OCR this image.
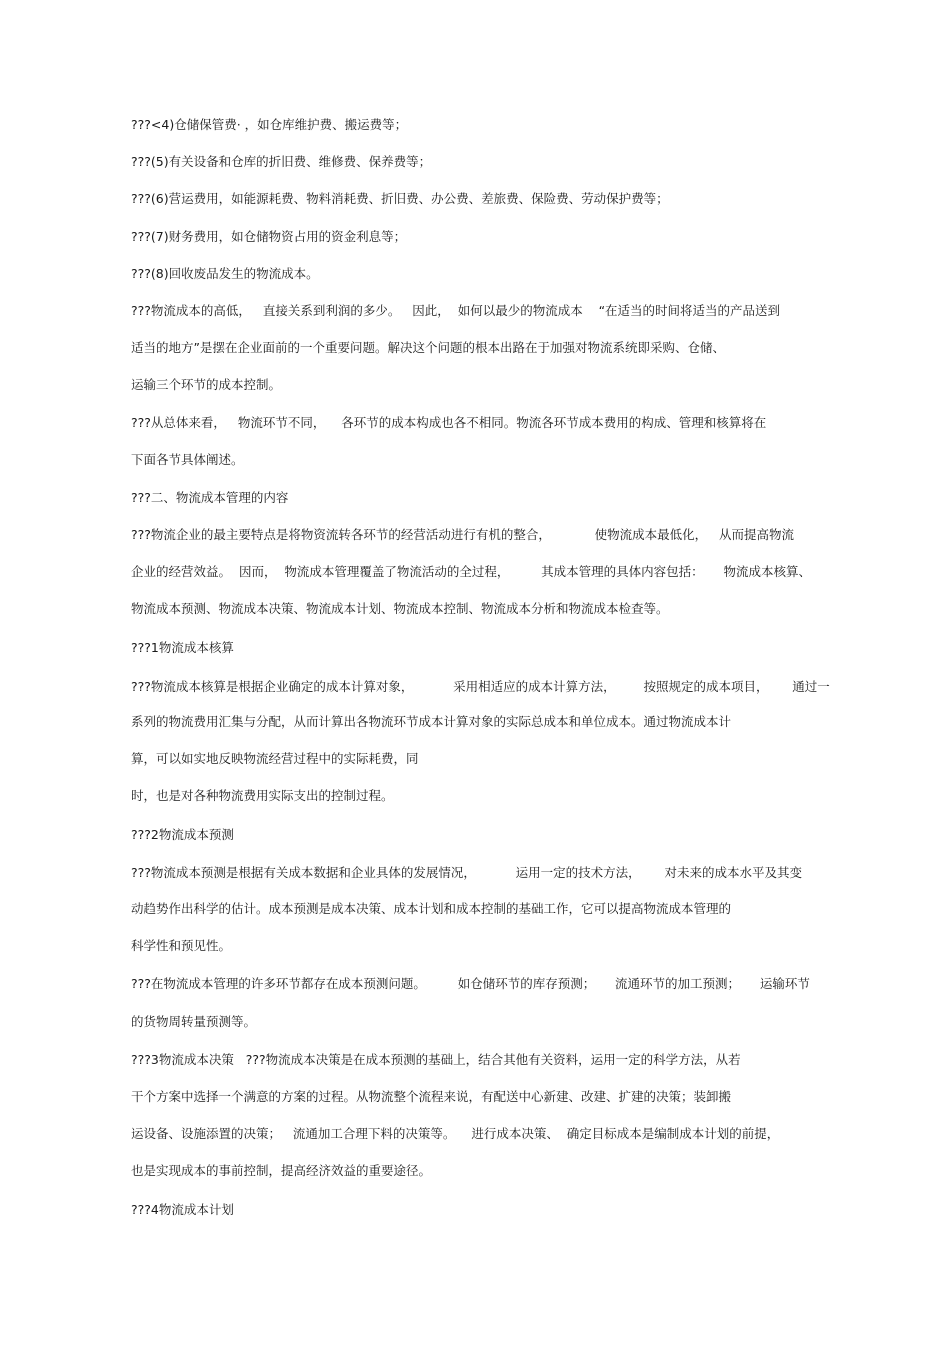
???<4)仓储保管费· ，如仓库维护费、搬运费等；
???(5)有关设备和仓库的折旧费、维修费、保养费等；
???(6)营运费用，如能源耗费、物料消耗费、折旧费、办公费、差旅费、保险费、劳动保护费等；
???(7)财务费用，如仓储物资占用的资金利息等；
???(8)回收废品发生的物流成本。
???物流成本的高低，   直接关系到利润的多少。   因此，  如何以最少的物流成本    “在适当的时间将适当的产品送到
适当的地方”是摆在企业面前的一个重要问题。解决这个问题的根本出路在于加强对物流系统即采购、仓储、
运输三个环节的成本控制。
???从总体来看，   物流环节不同，    各环节的成本构成也各不相同。物流各环节成本费用的构成、管理和核算将在
下面各节具体阐述。
???二、物流成本管理的内容
???物流企业的最主要特点是将物资流转各环节的经营活动进行有机的整合，           使物流成本最低化，   从而提高物流
企业的经营效益。  因而，  物流成本管理覆盖了物流活动的全过程，        其成本管理的具体内容包括：     物流成本核算、
物流成本预测、物流成本决策、物流成本计划、物流成本控制、物流成本分析和物流成本检查等。
???1物流成本核算
???物流成本核算是根据企业确定的成本计算对象，          采用相适应的成本计算方法，       按照规定的成本项目，      通过一
系列的物流费用汇集与分配，从而计算出各物流环节成本计算对象的实际总成本和单位成本。通过物流成本计
算，可以如实地反映物流经营过程中的实际耗费，同
时，也是对各种物流费用实际支出的控制过程。
???2物流成本预测
???物流成本预测是根据有关成本数据和企业具体的发展情况，          运用一定的技术方法，      对未来的成本水平及其变
动趋势作出科学的估计。成本预测是成本决策、成本计划和成本控制的基础工作，它可以提高物流成本管理的
科学性和预见性。
???在物流成本管理的许多环节都存在成本预测问题。        如仓储环节的库存预测；     流通环节的加工预测；     运输环节
的货物周转量预测等。
???3物流成本决策   ???物流成本决策是在成本预测的基础上，结合其他有关资料，运用一定的科学方法，从若
干个方案中选择一个满意的方案的过程。从物流整个流程来说，有配送中心新建、改建、扩建的决策；装卸搬
运设备、设施添置的决策；   流通加工合理下料的决策等。    进行成本决策、  确定目标成本是编制成本计划的前提，
也是实现成本的事前控制，提高经济效益的重要途径。
???4物流成本计划
